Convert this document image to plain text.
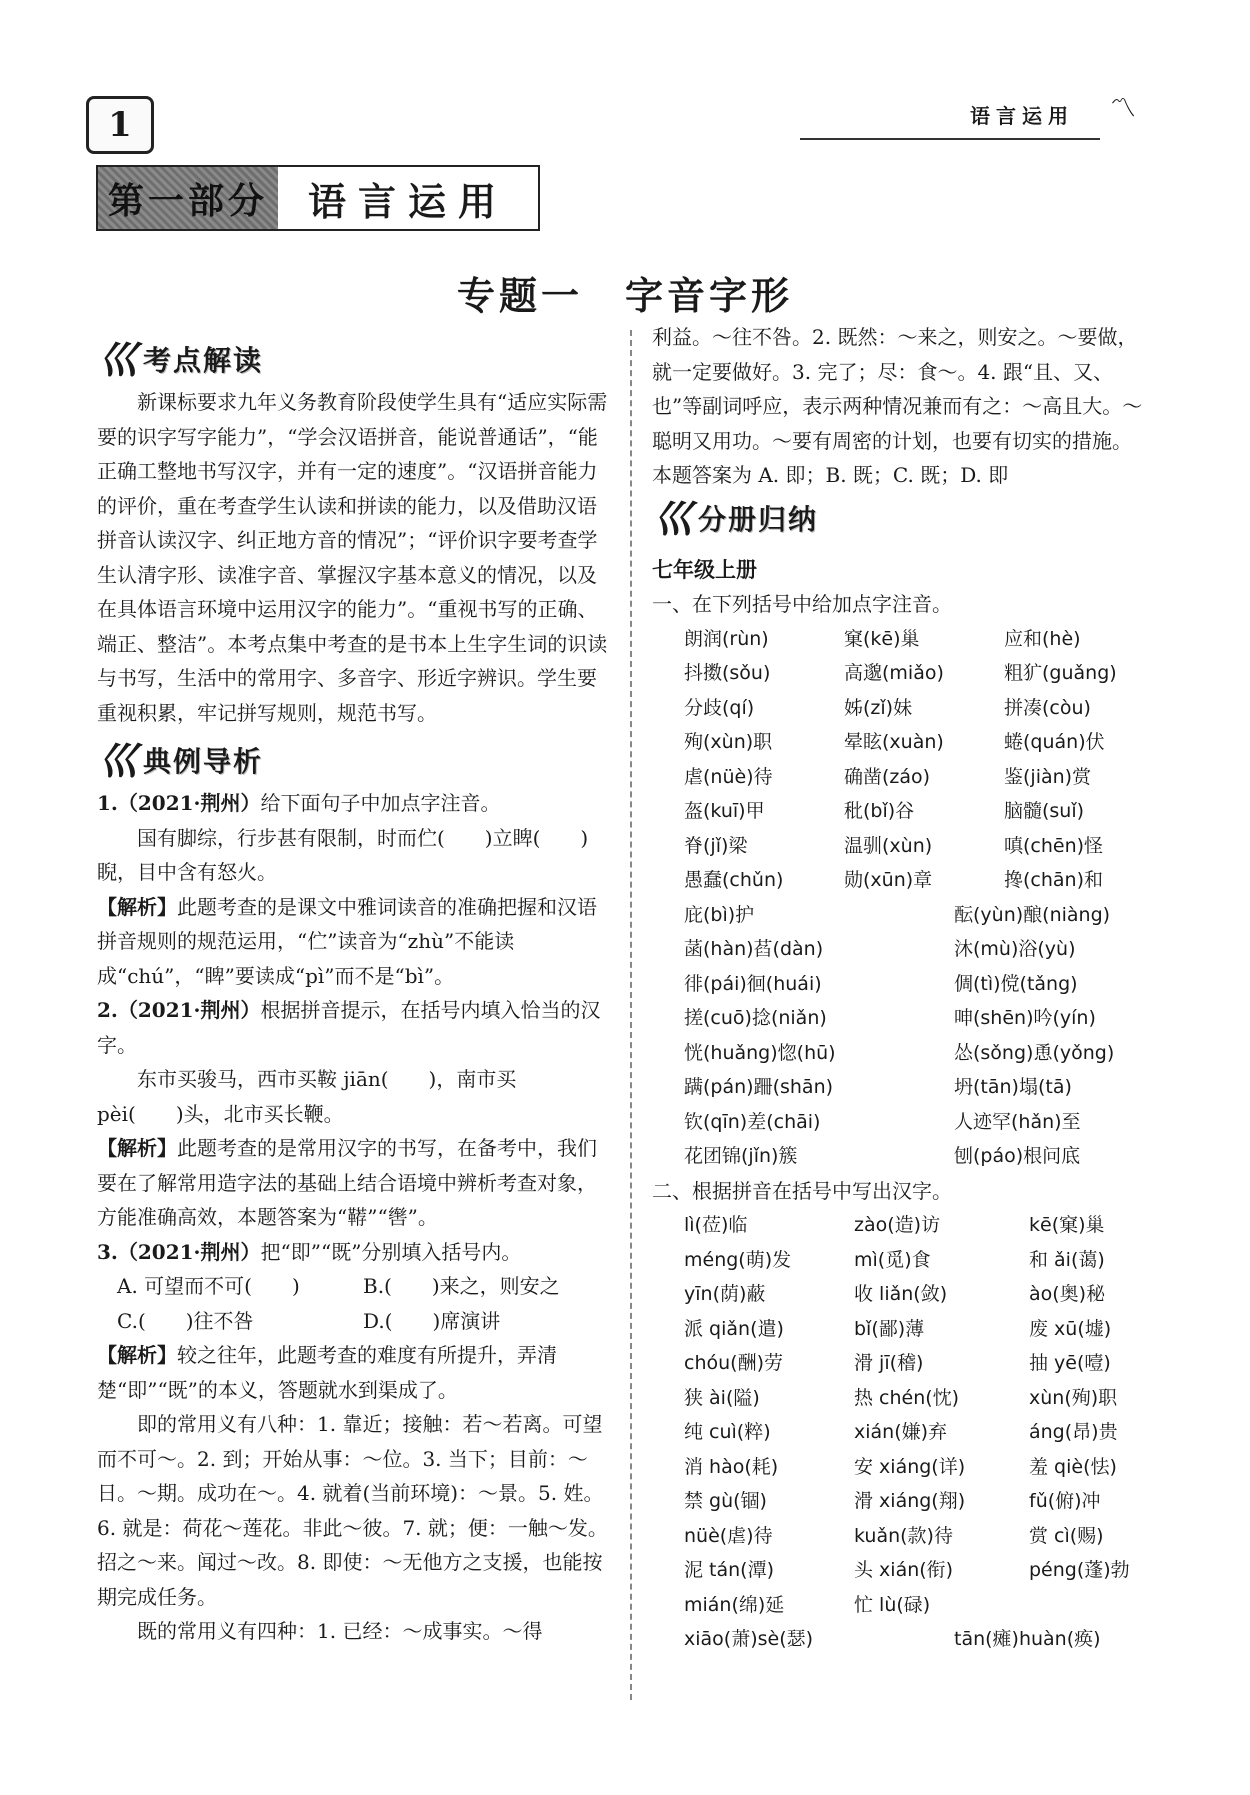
1	语言运用 〽
第一部分	语言运用
专题一　字音字形
巛 考点解读

新课标要求九年义务教育阶段使学生具有“适应实际需要的识字写字能力”，“学会汉语拼音，能说普通话”，“能正确工整地书写汉字，并有一定的速度”。“汉语拼音能力的评价，重在考查学生认读和拼读的能力，以及借助汉语拼音认读汉字、纠正地方音的情况”；“评价识字要考查学生认清字形、读准字音、掌握汉字基本意义的情况，以及在具体语言环境中运用汉字的能力”。“重视书写的正确、端正、整洁”。本考点集中考查的是书本上生字生词的识读与书写，生活中的常用字、多音字、形近字辨识。学生要重视积累，牢记拼写规则，规范书写。

巛 典例导析

1.（2021·荆州）给下面句子中加点字注音。

国有脚综，行步甚有限制，时而伫(　　)立睥(　　)睨，目中含有怒火。

【解析】此题考查的是课文中雅词读音的准确把握和汉语拼音规则的规范运用，“伫”读音为“zhù”不能读成“chú”，“睥”要读成“pì”而不是“bì”。

2.（2021·荆州）根据拼音提示，在括号内填入恰当的汉字。

东市买骏马，西市买鞍 jiān(　　)，南市买 pèi(　　)头，北市买长鞭。

【解析】此题考查的是常用汉字的书写，在备考中，我们要在了解常用造字法的基础上结合语境中辨析考查对象，方能准确高效，本题答案为“鞯”“辔”。

3.（2021·荆州）把“即”“既”分别填入括号内。

A. 可望而不可(　　)	B.(　　)来之，则安之
C.(　　)往不咎	D.(　　)席演讲

【解析】较之往年，此题考查的难度有所提升，弄清楚“即”“既”的本义，答题就水到渠成了。

即的常用义有八种：1. 靠近；接触：若～若离。可望而不可～。2. 到；开始从事：～位。3. 当下；目前：～日。～期。成功在～。4. 就着(当前环境)：～景。5. 姓。6. 就是：荷花～莲花。非此～彼。7. 就；便：一触～发。招之～来。闻过～改。8. 即使：～无他方之支援，也能按期完成任务。

既的常用义有四种：1. 已经：～成事实。～得

利益。～往不咎。2. 既然：～来之，则安之。～要做，就一定要做好。3. 完了；尽：食～。4. 跟“且、又、也”等副词呼应，表示两种情况兼而有之：～高且大。～聪明又用功。～要有周密的计划，也要有切实的措施。

本题答案为 A. 即；B. 既；C. 既；D. 即

巛 分册归纳

七年级上册

一、在下列括号中给加点字注音。

朗润(rùn)	窠(kē)巢	应和(hè)
抖擞(sǒu)	高邈(miǎo)	粗犷(guǎng)
分歧(qí)	姊(zǐ)妹	拼凑(còu)
殉(xùn)职	晕眩(xuàn)	蜷(quán)伏
虐(nüè)待	确凿(záo)	鉴(jiàn)赏
盔(kuī)甲	秕(bǐ)谷	脑髓(suǐ)
脊(jǐ)梁	温驯(xùn)	嗔(chēn)怪
愚蠢(chǔn)	勋(xūn)章	搀(chān)和
庇(bì)护	酝(yùn)酿(niàng)
菡(hàn)萏(dàn)	沐(mù)浴(yù)
徘(pái)徊(huái)	倜(tì)傥(tǎng)
搓(cuō)捻(niǎn)	呻(shēn)吟(yín)
恍(huǎng)惚(hū)	怂(sǒng)恿(yǒng)
蹒(pán)跚(shān)	坍(tān)塌(tā)
钦(qīn)差(chāi)	人迹罕(hǎn)至
花团锦(jǐn)簇	刨(páo)根问底

二、根据拼音在括号中写出汉字。

lì(莅)临	zào(造)访	kē(窠)巢
méng(萌)发	mì(觅)食	和 ǎi(蔼)
yīn(荫)蔽	收 liǎn(敛)	ào(奥)秘
派 qiǎn(遣)	bǐ(鄙)薄	废 xū(墟)
chóu(酬)劳	滑 jī(稽)	抽 yē(噎)
狭 ài(隘)	热 chén(忱)	xùn(殉)职
纯 cuì(粹)	xián(嫌)弃	áng(昂)贵
消 hào(耗)	安 xiáng(详)	羞 qiè(怯)
禁 gù(锢)	滑 xiáng(翔)	fǔ(俯)冲
nüè(虐)待	kuǎn(款)待	赏 cì(赐)
泥 tán(潭)	头 xián(衔)	péng(蓬)勃
mián(绵)延	忙 lù(碌)
xiāo(萧)sè(瑟)	tān(瘫)huàn(痪)
